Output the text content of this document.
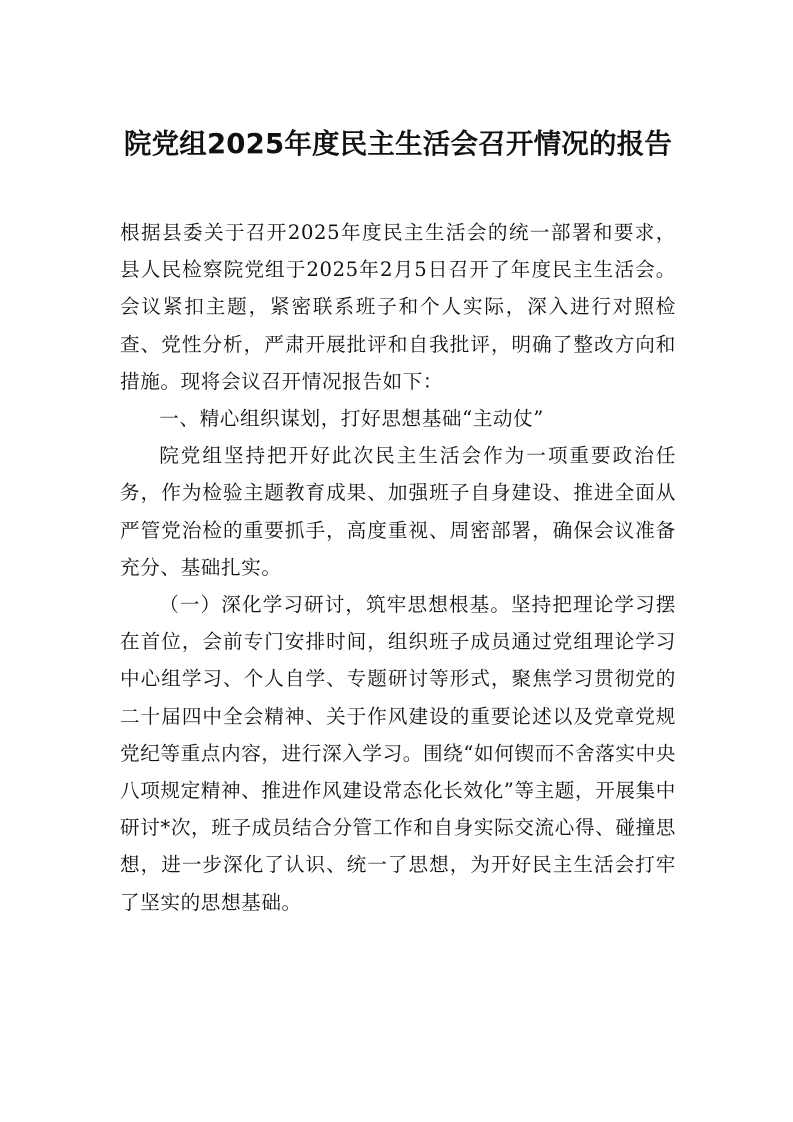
院党组2025年度民主生活会召开情况的报告

根据县委关于召开2025年度民主生活会的统一部署和要求，县人民检察院党组于2025年2月5日召开了年度民主生活会。会议紧扣主题，紧密联系班子和个人实际，深入进行对照检查、党性分析，严肃开展批评和自我批评，明确了整改方向和措施。现将会议召开情况报告如下：

一、精心组织谋划，打好思想基础“主动仗”

院党组坚持把开好此次民主生活会作为一项重要政治任务，作为检验主题教育成果、加强班子自身建设、推进全面从严管党治检的重要抓手，高度重视、周密部署，确保会议准备充分、基础扎实。

（一）深化学习研讨，筑牢思想根基。坚持把理论学习摆在首位，会前专门安排时间，组织班子成员通过党组理论学习中心组学习、个人自学、专题研讨等形式，聚焦学习贯彻党的二十届四中全会精神、关于作风建设的重要论述以及党章党规党纪等重点内容，进行深入学习。围绕“如何锲而不舍落实中央八项规定精神、推进作风建设常态化长效化”等主题，开展集中研讨*次，班子成员结合分管工作和自身实际交流心得、碰撞思想，进一步深化了认识、统一了思想，为开好民主生活会打牢了坚实的思想基础。
